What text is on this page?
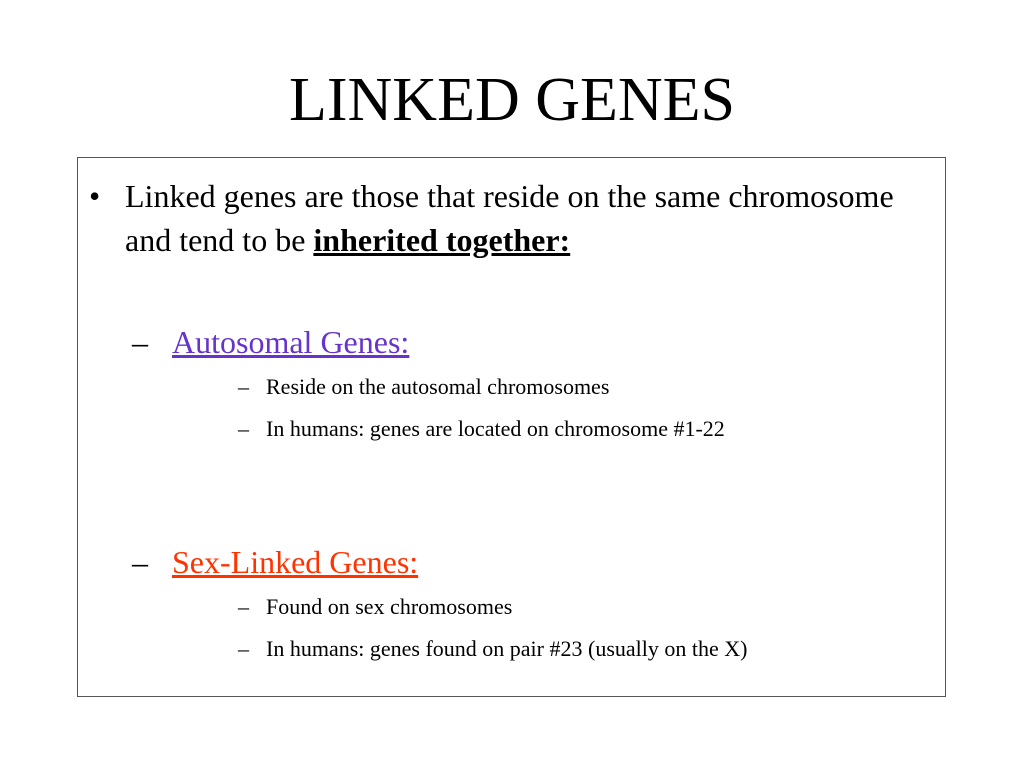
LINKED GENES
• Linked genes are those that reside on the same chromosome and tend to be inherited together:
– Autosomal Genes:
– Reside on the autosomal chromosomes
– In humans: genes are located on chromosome #1-22
– Sex-Linked Genes:
– Found on sex chromosomes
– In humans: genes found on pair #23 (usually on the X)
